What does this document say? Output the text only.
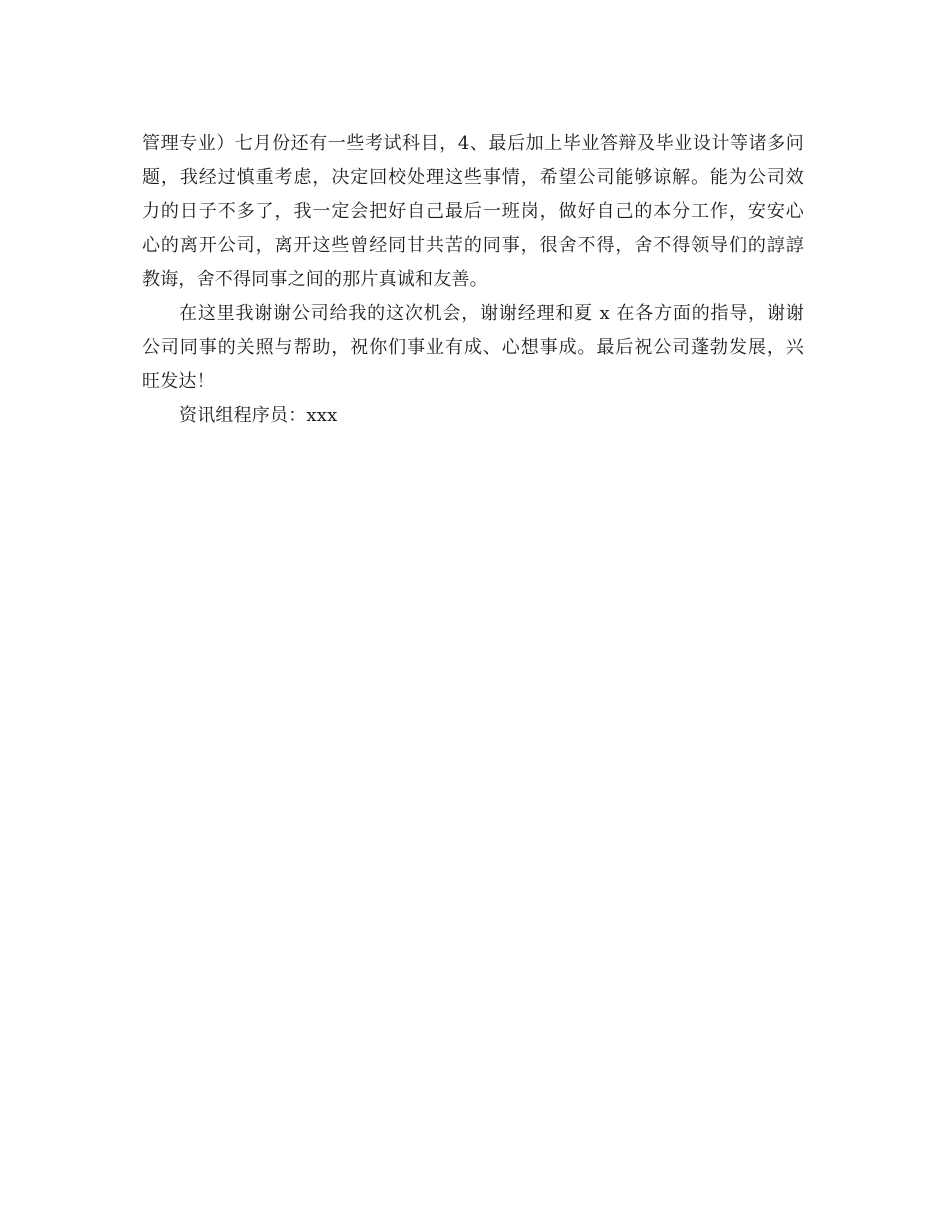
管理专业）七月份还有一些考试科目，4、最后加上毕业答辩及毕业设计等诸多问
题，我经过慎重考虑，决定回校处理这些事情，希望公司能够谅解。能为公司效
力的日子不多了，我一定会把好自己最后一班岗，做好自己的本分工作，安安心
心的离开公司，离开这些曾经同甘共苦的同事，很舍不得，舍不得领导们的諄諄
教诲，舍不得同事之间的那片真诚和友善。
在这里我谢谢公司给我的这次机会，谢谢经理和夏 x 在各方面的指导，谢谢
公司同事的关照与帮助，祝你们事业有成、心想事成。最后祝公司蓬勃发展，兴
旺发达！
资讯组程序员：xxx
